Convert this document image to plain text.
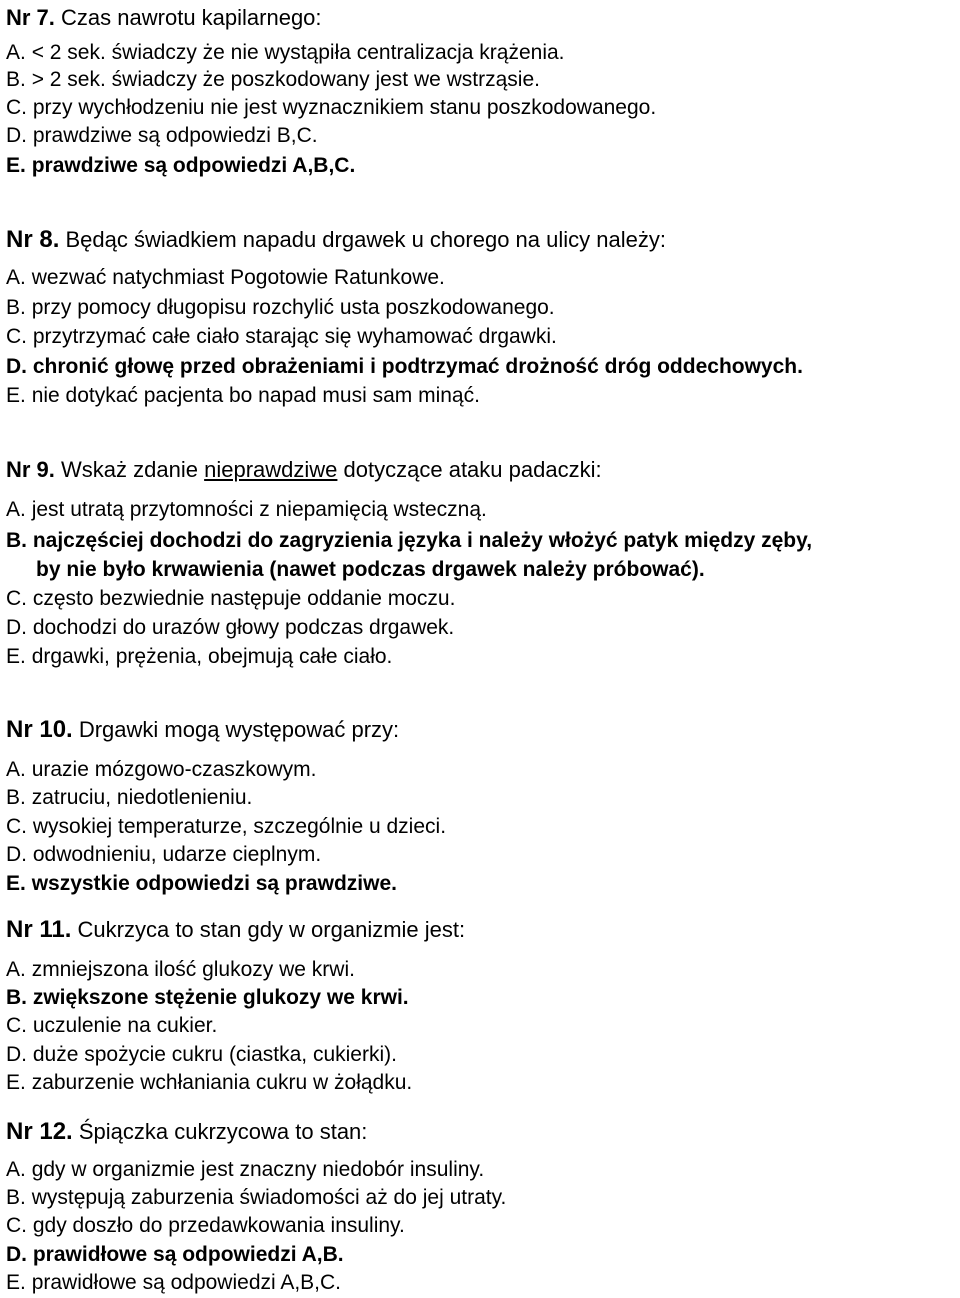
Nr 7. Czas nawrotu kapilarnego:
A. < 2 sek. świadczy że nie wystąpiła centralizacja krążenia.
B. > 2 sek. świadczy że poszkodowany jest we wstrząsie.
C. przy wychłodzeniu nie jest wyznacznikiem stanu poszkodowanego.
D. prawdziwe są odpowiedzi B,C.
E. prawdziwe są odpowiedzi A,B,C.
Nr 8. Będąc świadkiem napadu drgawek u chorego na ulicy należy:
A. wezwać natychmiast Pogotowie Ratunkowe.
B. przy pomocy długopisu rozchylić usta poszkodowanego.
C. przytrzymać całe ciało starając się wyhamować drgawki.
D. chronić głowę przed obrażeniami i podtrzymać drożność dróg oddechowych.
E. nie dotykać pacjenta bo napad musi sam minąć.
Nr 9. Wskaż zdanie nieprawdziwe dotyczące ataku padaczki:
A. jest utratą przytomności z niepamięcią wsteczną.
B. najczęściej dochodzi do zagryzienia języka i należy włożyć patyk między zęby,
by nie było krwawienia (nawet podczas drgawek należy próbować).
C. często bezwiednie następuje oddanie moczu.
D. dochodzi do urazów głowy podczas drgawek.
E. drgawki, prężenia, obejmują całe ciało.
Nr 10. Drgawki mogą występować przy:
A. urazie mózgowo-czaszkowym.
B. zatruciu, niedotlenieniu.
C. wysokiej temperaturze, szczególnie u dzieci.
D. odwodnieniu, udarze cieplnym.
E. wszystkie odpowiedzi są prawdziwe.
Nr 11. Cukrzyca to stan gdy w organizmie jest:
A. zmniejszona ilość glukozy we krwi.
B. zwiększone stężenie glukozy we krwi.
C. uczulenie na cukier.
D. duże spożycie cukru (ciastka, cukierki).
E. zaburzenie wchłaniania cukru w żołądku.
Nr 12. Śpiączka cukrzycowa to stan:
A. gdy w organizmie jest znaczny niedobór insuliny.
B. występują zaburzenia świadomości aż do jej utraty.
C. gdy doszło do przedawkowania insuliny.
D. prawidłowe są odpowiedzi A,B.
E. prawidłowe są odpowiedzi A,B,C.
